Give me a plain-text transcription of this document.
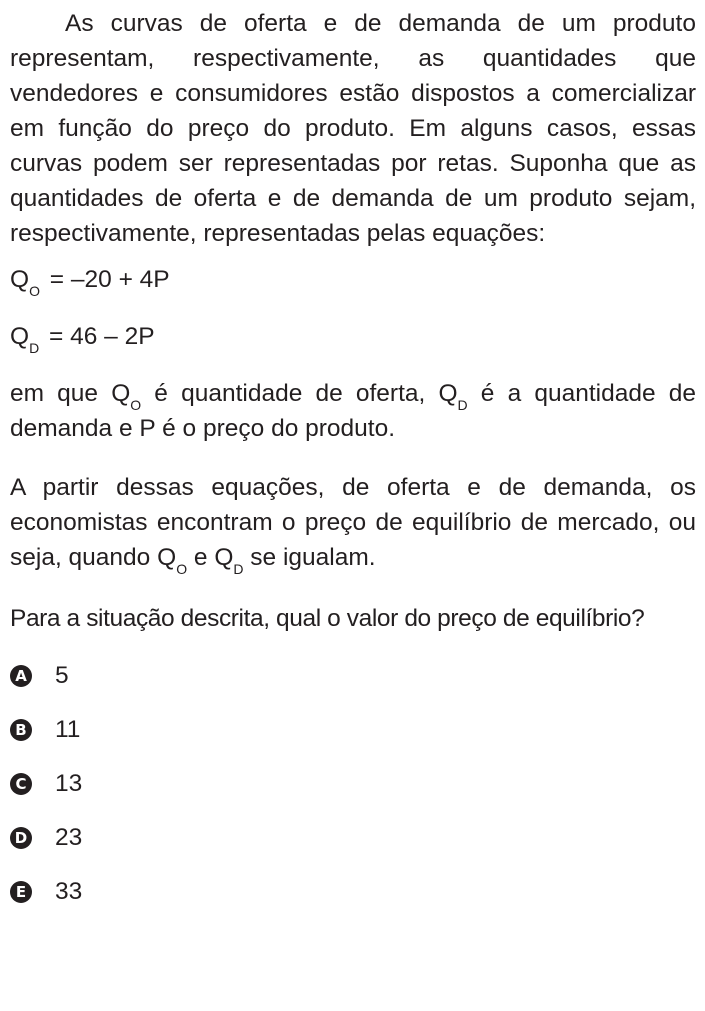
As curvas de oferta e de demanda de um produto representam, respectivamente, as quantidades que vendedores e consumidores estão dispostos a comercializar em função do preço do produto. Em alguns casos, essas curvas podem ser representadas por retas. Suponha que as quantidades de oferta e de demanda de um produto sejam, respectivamente, representadas pelas equações:

$Q_O = -20 + 4P$

$Q_D = 46 - 2P$

em que $Q_O$ é quantidade de oferta, $Q_D$ é a quantidade de demanda e P é o preço do produto.

A partir dessas equações, de oferta e de demanda, os economistas encontram o preço de equilíbrio de mercado, ou seja, quando $Q_O$ e $Q_D$ se igualam.

Para a situação descrita, qual o valor do preço de equilíbrio?

A 5
B 11
C 13
D 23
E 33
